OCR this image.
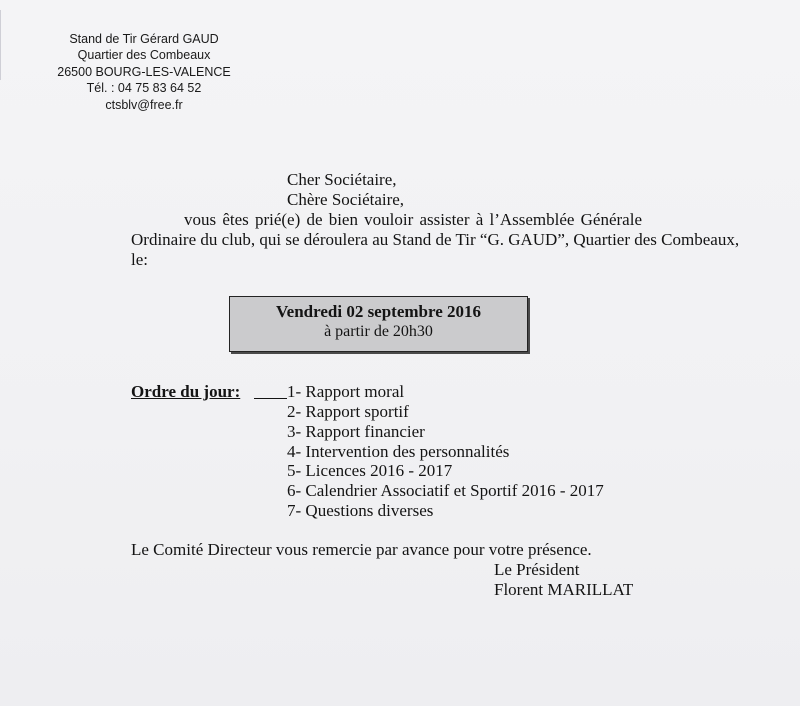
Stand de Tir Gérard GAUD
Quartier des Combeaux
26500 BOURG-LES-VALENCE
Tél. : 04 75 83 64 52
ctsblv@free.fr
Cher Sociétaire,
Chère Sociétaire,
vous êtes prié(e) de bien vouloir assister à l’Assemblée Générale
Ordinaire du club, qui se déroulera au Stand de Tir “G. GAUD”, Quartier des Combeaux,
le:
Vendredi 02 septembre 2016
à partir de 20h30
Ordre du jour:	1- Rapport moral
2- Rapport sportif
3- Rapport financier
4- Intervention des personnalités
5- Licences 2016 - 2017
6- Calendrier Associatif et Sportif 2016 - 2017
7- Questions diverses
Le Comité Directeur vous remercie par avance pour votre présence.
Le Président
Florent MARILLAT
